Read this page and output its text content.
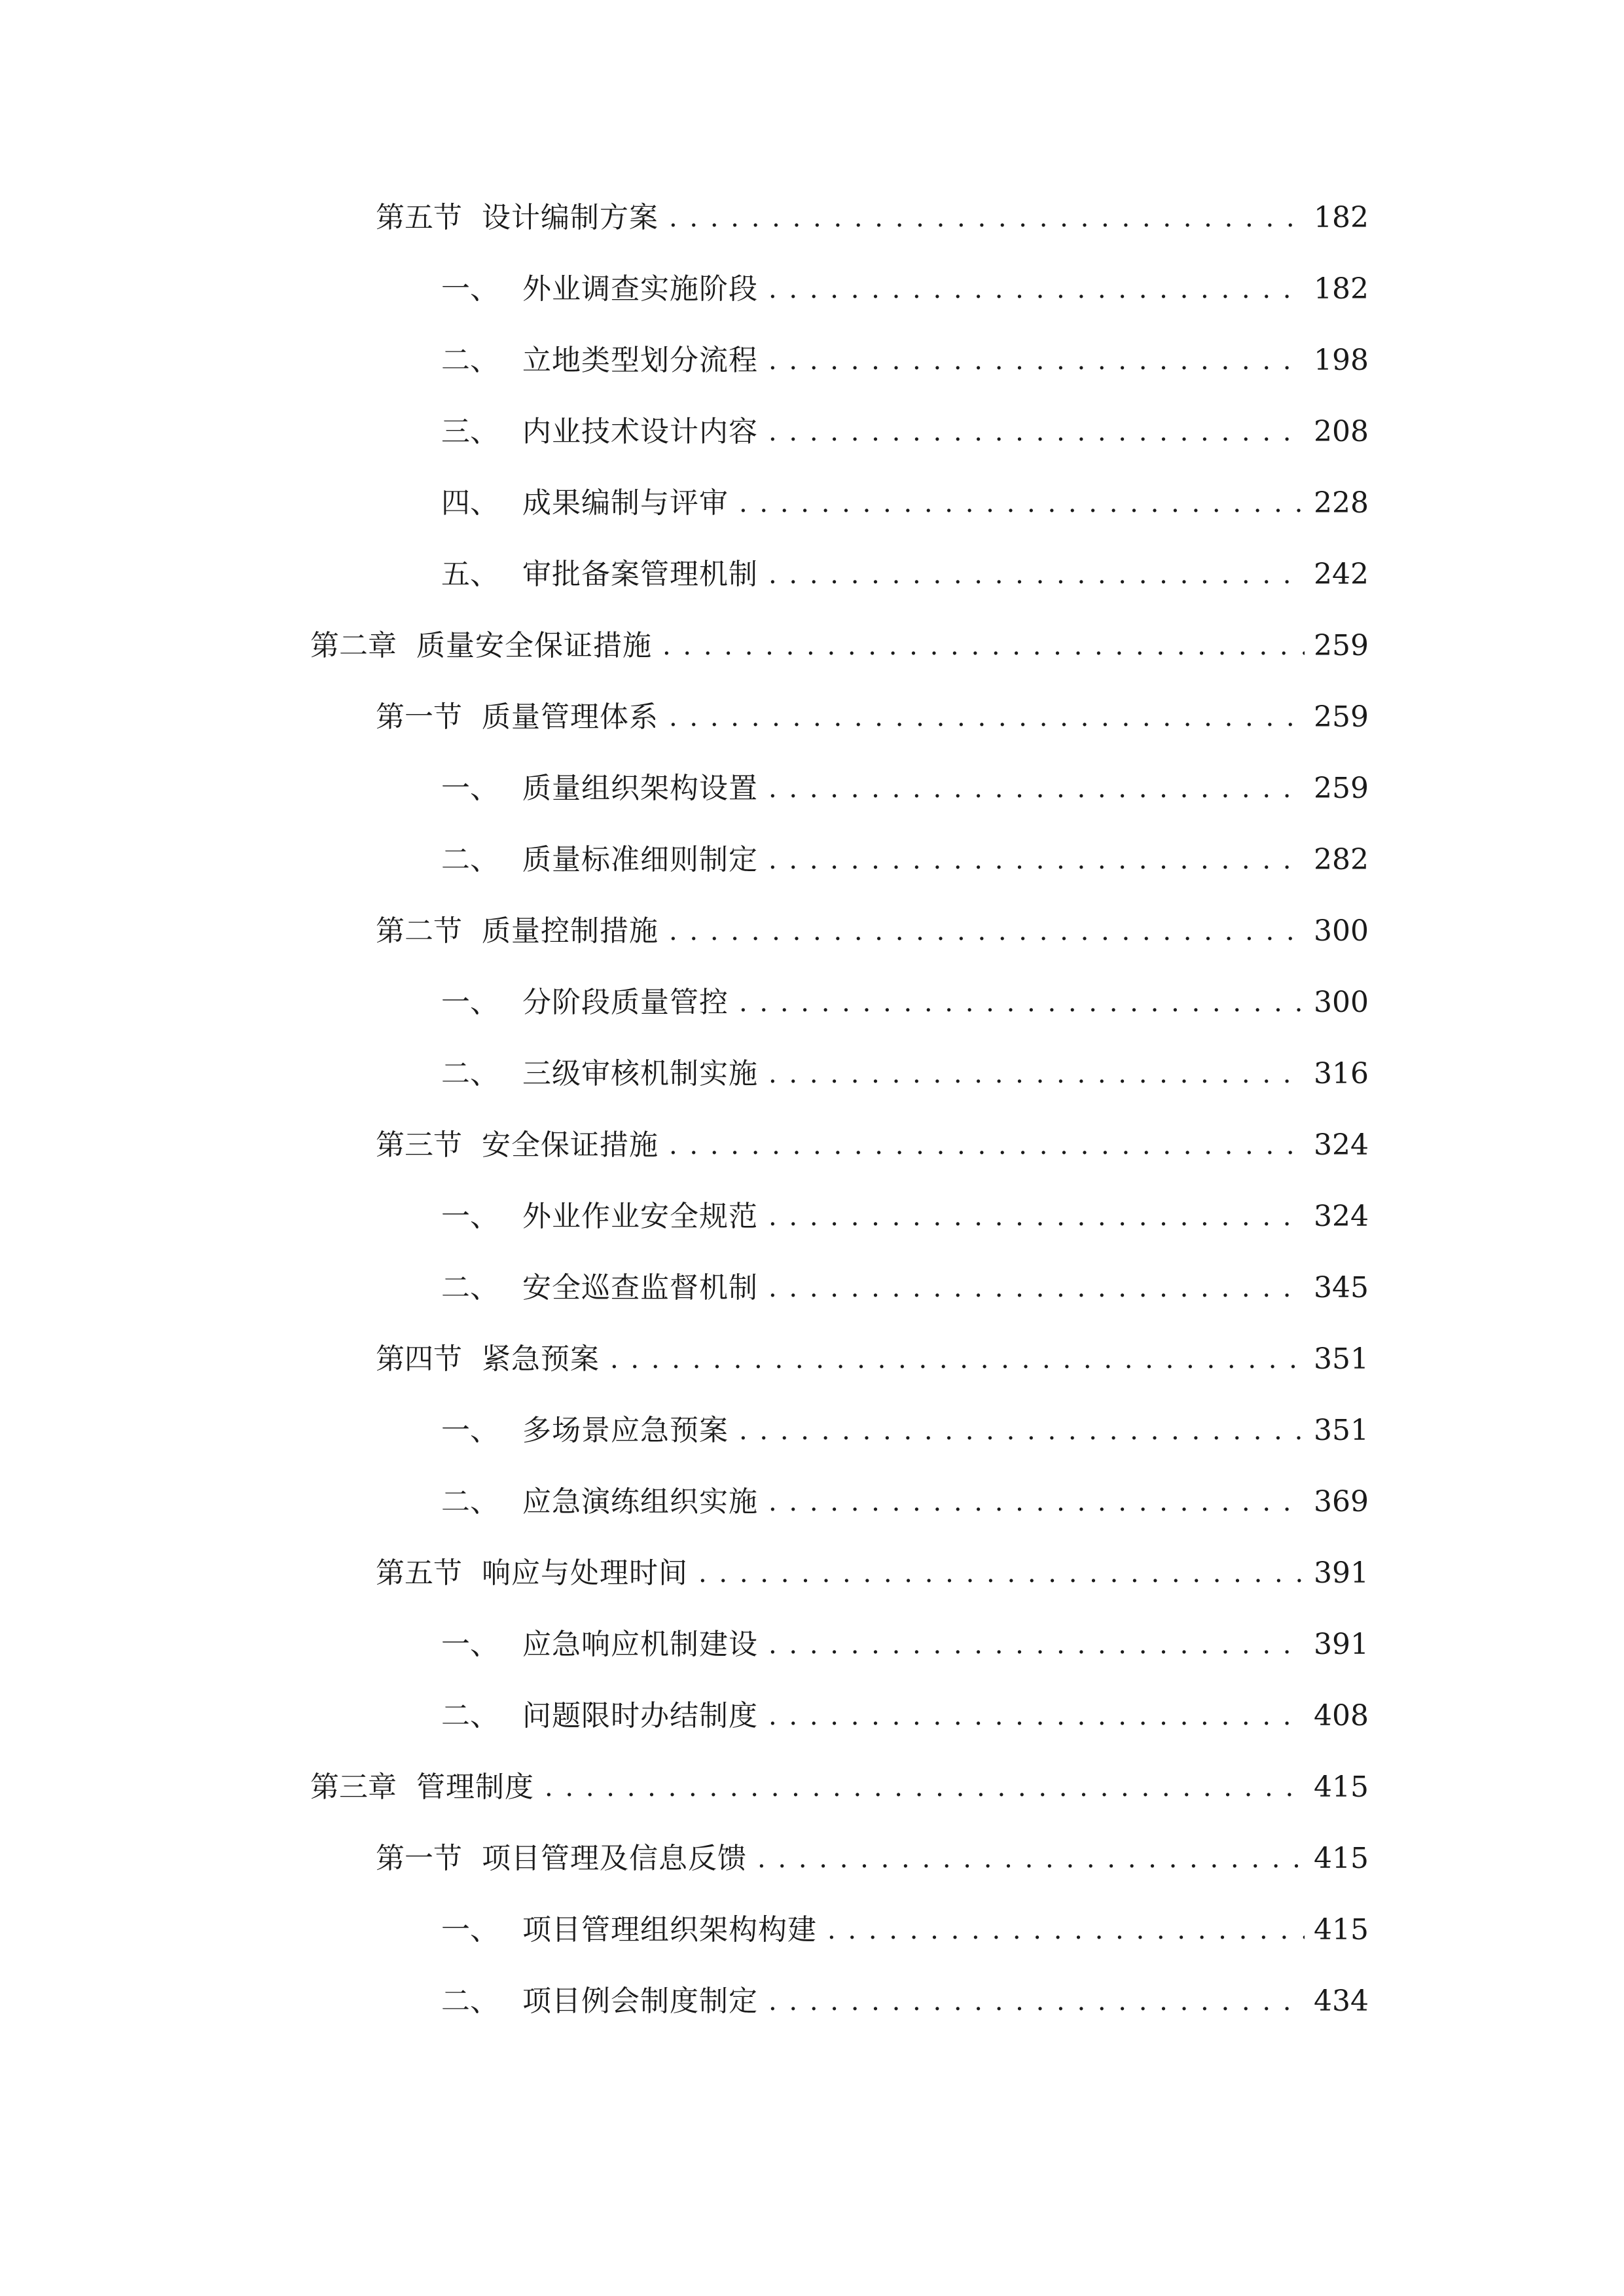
第五节 设计编制方案 . . .	182
一、 外业调查实施阶段 . . .	182
二、 立地类型划分流程 . . .	198
三、 内业技术设计内容 . . .	208
四、 成果编制与评审 . . .	228
五、 审批备案管理机制 . . .	242
第二章 质量安全保证措施 . . .	259
第一节 质量管理体系 . . .	259
一、 质量组织架构设置 . . .	259
二、 质量标准细则制定 . . .	282
第二节 质量控制措施 . . .	300
一、 分阶段质量管控 . . .	300
二、 三级审核机制实施 . . .	316
第三节 安全保证措施 . . .	324
一、 外业作业安全规范 . . .	324
二、 安全巡查监督机制 . . .	345
第四节 紧急预案 . . .	351
一、 多场景应急预案 . . .	351
二、 应急演练组织实施 . . .	369
第五节 响应与处理时间 . . .	391
一、 应急响应机制建设 . . .	391
二、 问题限时办结制度 . . .	408
第三章 管理制度 . . .	415
第一节 项目管理及信息反馈 . . .	415
一、 项目管理组织架构构建 . . .	415
二、 项目例会制度制定 . . .	434
